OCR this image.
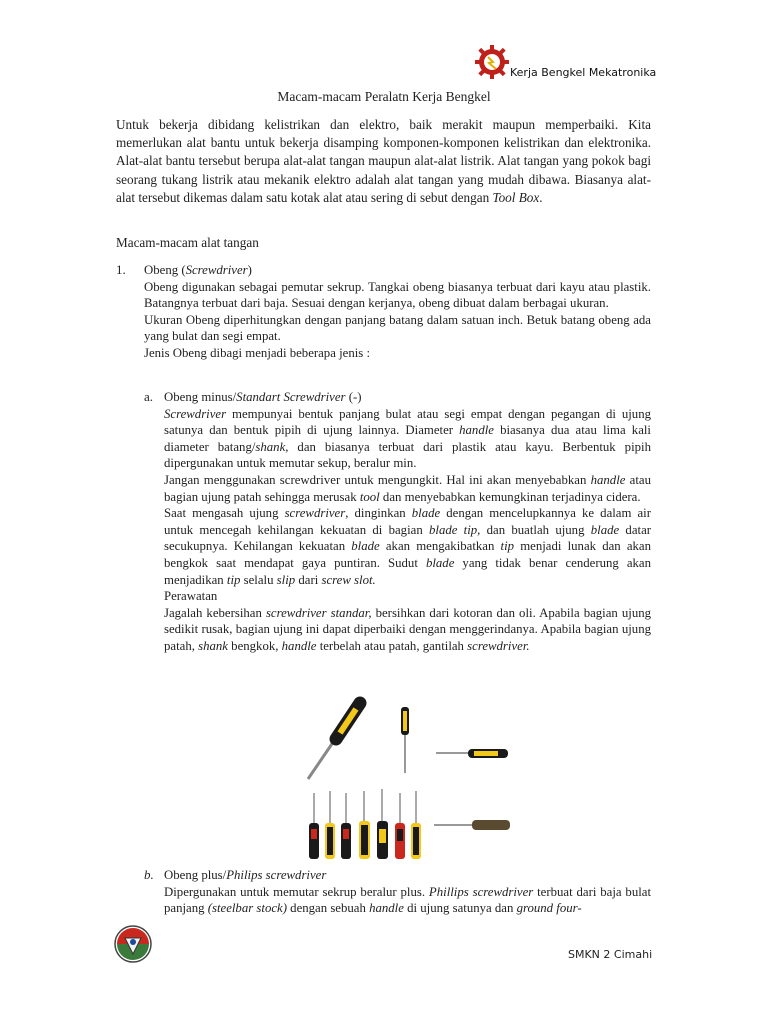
Kerja Bengkel Mekatronika
Macam-macam Peralatn Kerja Bengkel

Untuk bekerja dibidang kelistrikan dan elektro, baik merakit maupun memperbaiki. Kita memerlukan alat bantu untuk bekerja disamping komponen-komponen kelistrikan dan elektronika. Alat-alat bantu tersebut berupa alat-alat tangan maupun alat-alat listrik. Alat tangan yang pokok bagi seorang tukang listrik atau mekanik elektro adalah alat tangan yang mudah dibawa. Biasanya alat-alat tersebut dikemas dalam satu kotak alat atau sering di sebut dengan Tool Box.

Macam-macam alat tangan

1. Obeng (Screwdriver)

Obeng digunakan sebagai pemutar sekrup. Tangkai obeng biasanya terbuat dari kayu atau plastik. Batangnya terbuat dari baja. Sesuai dengan kerjanya, obeng dibuat dalam berbagai ukuran.

Ukuran Obeng diperhitungkan dengan panjang batang dalam satuan inch. Betuk batang obeng ada yang bulat dan segi empat.

Jenis Obeng dibagi menjadi beberapa jenis :

a. Obeng minus/Standart Screwdriver (-)

Screwdriver mempunyai bentuk panjang bulat atau segi empat dengan pegangan di ujung satunya dan bentuk pipih di ujung lainnya. Diameter handle biasanya dua atau lima kali diameter batang/shank, dan biasanya terbuat dari plastik atau kayu. Berbentuk pipih dipergunakan untuk memutar sekup, beralur min.

Jangan menggunakan screwdriver untuk mengungkit. Hal ini akan menyebabkan handle atau bagian ujung patah sehingga merusak tool dan menyebabkan kemungkinan terjadinya cidera.

Saat mengasah ujung screwdriver, dinginkan blade dengan mencelupkannya ke dalam air untuk mencegah kehilangan kekuatan di bagian blade tip, dan buatlah ujung blade datar secukupnya. Kehilangan kekuatan blade akan mengakibatkan tip menjadi lunak dan akan bengkok saat mendapat gaya puntiran. Sudut blade yang tidak benar cenderung akan menjadikan tip selalu slip dari screw slot.

Perawatan

Jagalah kebersihan screwdriver standar, bersihkan dari kotoran dan oli. Apabila bagian ujung sedikit rusak, bagian ujung ini dapat diperbaiki dengan menggerindanya. Apabila bagian ujung patah, shank bengkok, handle terbelah atau patah, gantilah screwdriver.

b. Obeng plus/Philips screwdriver

Dipergunakan untuk memutar sekrup beralur plus. Phillips screwdriver terbuat dari baja bulat panjang (steelbar stock) dengan sebuah handle di ujung satunya dan ground four-

SMKN 2 Cimahi
